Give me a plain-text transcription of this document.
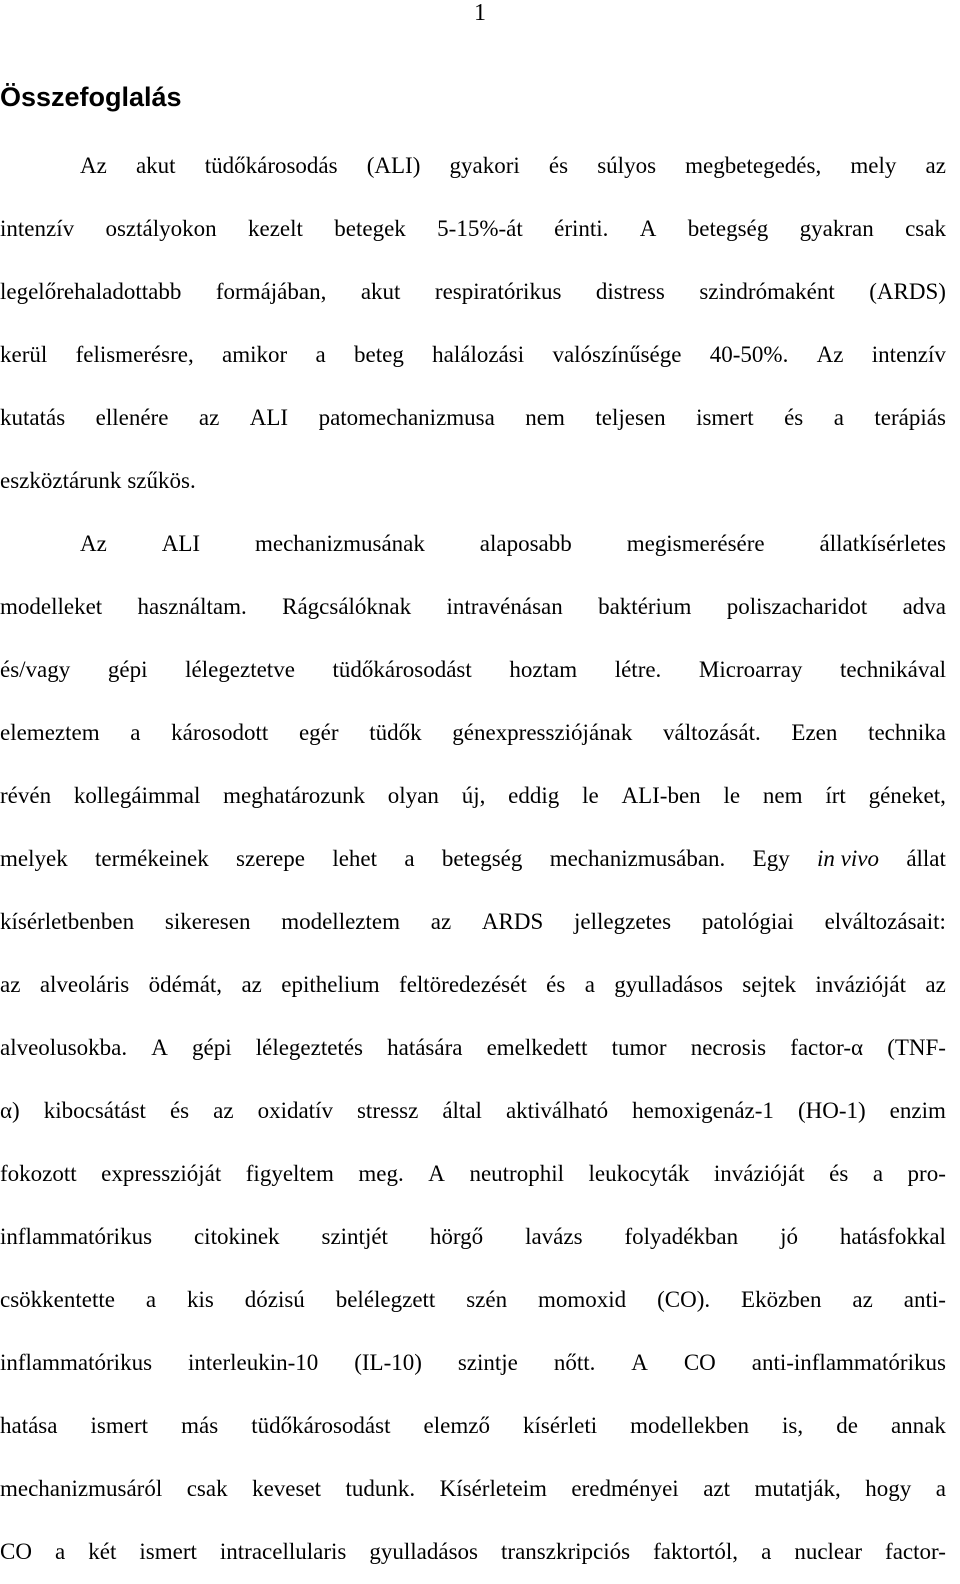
1
Összefoglalás
Az akut tüdőkárosodás (ALI) gyakori és súlyos megbetegedés, mely az
intenzív osztályokon kezelt betegek 5-15%-át érinti. A betegség gyakran csak
legelőrehaladottabb formájában, akut respiratórikus distress szindrómaként (ARDS)
kerül felismerésre, amikor a beteg halálozási valószínűsége 40-50%. Az intenzív
kutatás ellenére az ALI patomechanizmusa nem teljesen ismert és a terápiás
eszköztárunk szűkös.
Az ALI mechanizmusának alaposabb megismerésére állatkísérletes
modelleket használtam. Rágcsálóknak intravénásan baktérium poliszacharidot adva
és/vagy gépi lélegeztetve tüdőkárosodást hoztam létre. Microarray technikával
elemeztem a károsodott egér tüdők génexpressziójának változását. Ezen technika
révén kollegáimmal meghatározunk olyan új, eddig le ALI-ben le nem írt géneket,
melyek termékeinek szerepe lehet a betegség mechanizmusában. Egy in vivo állat
kísérletbenben sikeresen modelleztem az ARDS jellegzetes patológiai elváltozásait:
az alveoláris ödémát, az epithelium feltöredezését és a gyulladásos sejtek invázióját az
alveolusokba. A gépi lélegeztetés hatására emelkedett tumor necrosis factor-α (TNF-
α) kibocsátást és az oxidatív stressz által aktiválható hemoxigenáz-1 (HO-1) enzim
fokozott expresszióját figyeltem meg. A neutrophil leukocyták invázióját és a pro-
inflammatórikus citokinek szintjét hörgő lavázs folyadékban jó hatásfokkal
csökkentette a kis dózisú belélegzett szén momoxid (CO). Eközben az anti-
inflammatórikus interleukin-10 (IL-10) szintje nőtt. A CO anti-inflammatórikus
hatása ismert más tüdőkárosodást elemző kísérleti modellekben is, de annak
mechanizmusáról csak keveset tudunk. Kísérleteim eredményei azt mutatják, hogy a
CO a két ismert intracellularis gyulladásos transzkripciós faktortól, a nuclear factor-
